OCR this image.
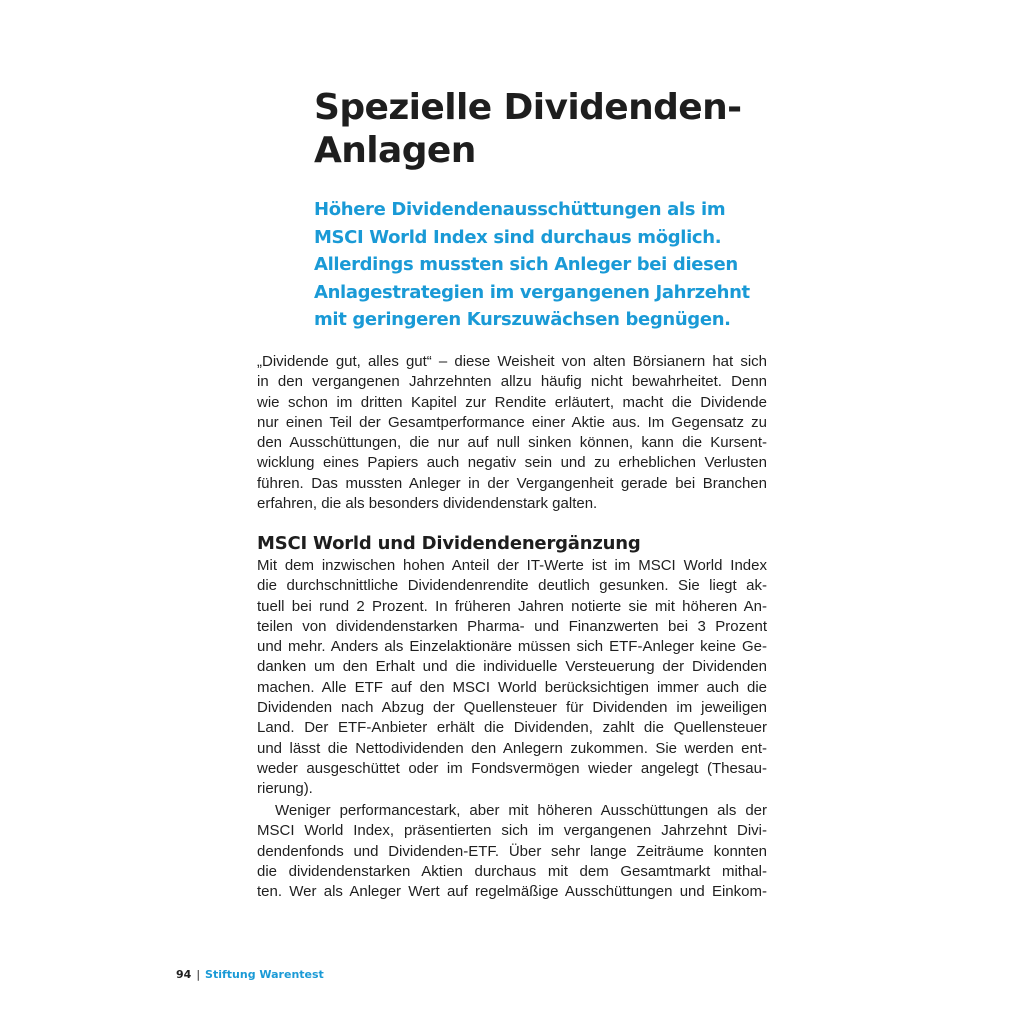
Spezielle Dividenden-
Anlagen
Höhere Dividendenausschüttungen als im
MSCI World Index sind durchaus möglich.
Allerdings mussten sich Anleger bei diesen
Anlagestrategien im vergangenen Jahrzehnt
mit geringeren Kurszuwächsen begnügen.
„Dividende gut, alles gut“ – diese Weisheit von alten Börsianern hat sich
in den vergangenen Jahrzehnten allzu häufig nicht bewahrheitet. Denn
wie schon im dritten Kapitel zur Rendite erläutert, macht die Dividende
nur einen Teil der Gesamtperformance einer Aktie aus. Im Gegensatz zu
den Ausschüttungen, die nur auf null sinken können, kann die Kursent-
wicklung eines Papiers auch negativ sein und zu erheblichen Verlusten
führen. Das mussten Anleger in der Vergangenheit gerade bei Branchen
erfahren, die als besonders dividendenstark galten.
MSCI World und Dividendenergänzung
Mit dem inzwischen hohen Anteil der IT-Werte ist im MSCI World Index
die durchschnittliche Dividendenrendite deutlich gesunken. Sie liegt ak-
tuell bei rund 2 Prozent. In früheren Jahren notierte sie mit höheren An-
teilen von dividendenstarken Pharma- und Finanzwerten bei 3 Prozent
und mehr. Anders als Einzelaktionäre müssen sich ETF-Anleger keine Ge-
danken um den Erhalt und die individuelle Versteuerung der Dividenden
machen. Alle ETF auf den MSCI World berücksichtigen immer auch die
Dividenden nach Abzug der Quellensteuer für Dividenden im jeweiligen
Land. Der ETF-Anbieter erhält die Dividenden, zahlt die Quellensteuer
und lässt die Nettodividenden den Anlegern zukommen. Sie werden ent-
weder ausgeschüttet oder im Fondsvermögen wieder angelegt (Thesau-
rierung).
Weniger performancestark, aber mit höheren Ausschüttungen als der
MSCI World Index, präsentierten sich im vergangenen Jahrzehnt Divi-
dendenfonds und Dividenden-ETF. Über sehr lange Zeiträume konnten
die dividendenstarken Aktien durchaus mit dem Gesamtmarkt mithal-
ten. Wer als Anleger Wert auf regelmäßige Ausschüttungen und Einkom-
94 | Stiftung Warentest
